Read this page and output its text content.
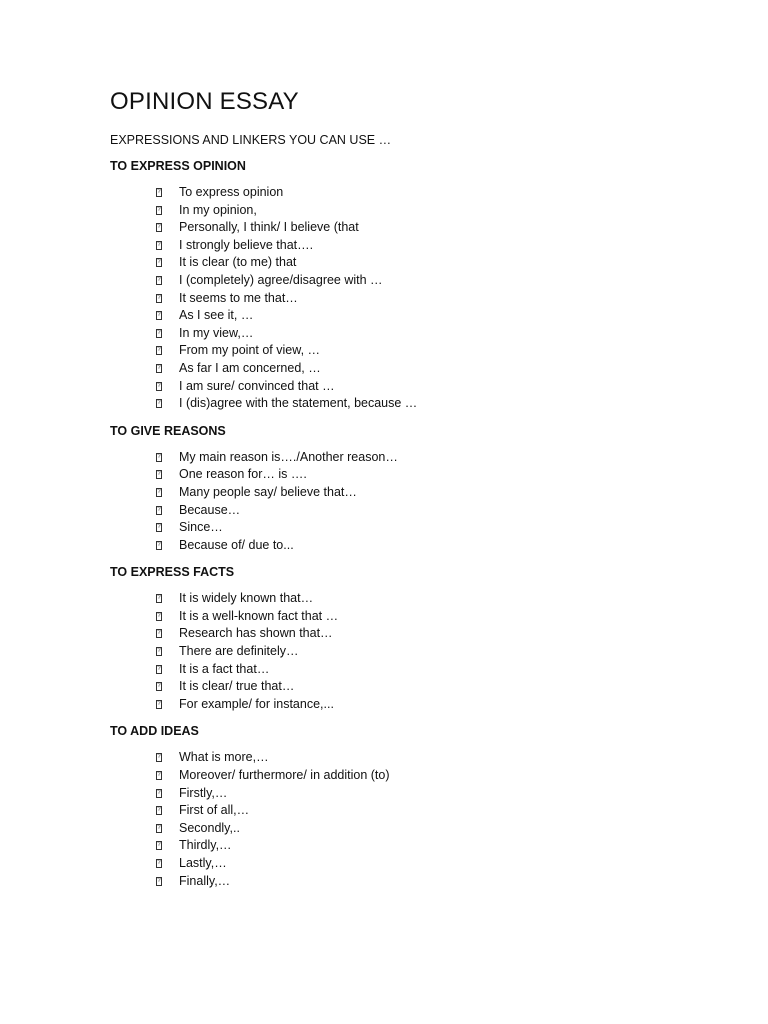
OPINION ESSAY
EXPRESSIONS AND LINKERS YOU CAN USE …
TO EXPRESS OPINION
?
To express opinion
?
In my opinion,
?
Personally, I think/ I believe (that
?
I strongly believe that….
?
It is clear (to me) that
?
I (completely) agree/disagree with …
?
It seems to me that…
?
As I see it, …
?
In my view,…
?
From my point of view, …
?
As far I am concerned, …
?
I am sure/ convinced that …
?
I (dis)agree with the statement, because …
TO GIVE REASONS
?
My main reason is…./Another reason…
?
One reason for… is ….
?
Many people say/ believe that…
?
Because…
?
Since…
?
Because of/ due to...
TO EXPRESS FACTS
?
It is widely known that…
?
It is a well-known fact that …
?
Research has shown that…
?
There are definitely…
?
It is a fact that…
?
It is clear/ true that…
?
For example/ for instance,...
TO ADD IDEAS
?
What is more,…
?
Moreover/ furthermore/ in addition (to)
?
Firstly,…
?
First of all,…
?
Secondly,..
?
Thirdly,…
?
Lastly,…
?
Finally,…
